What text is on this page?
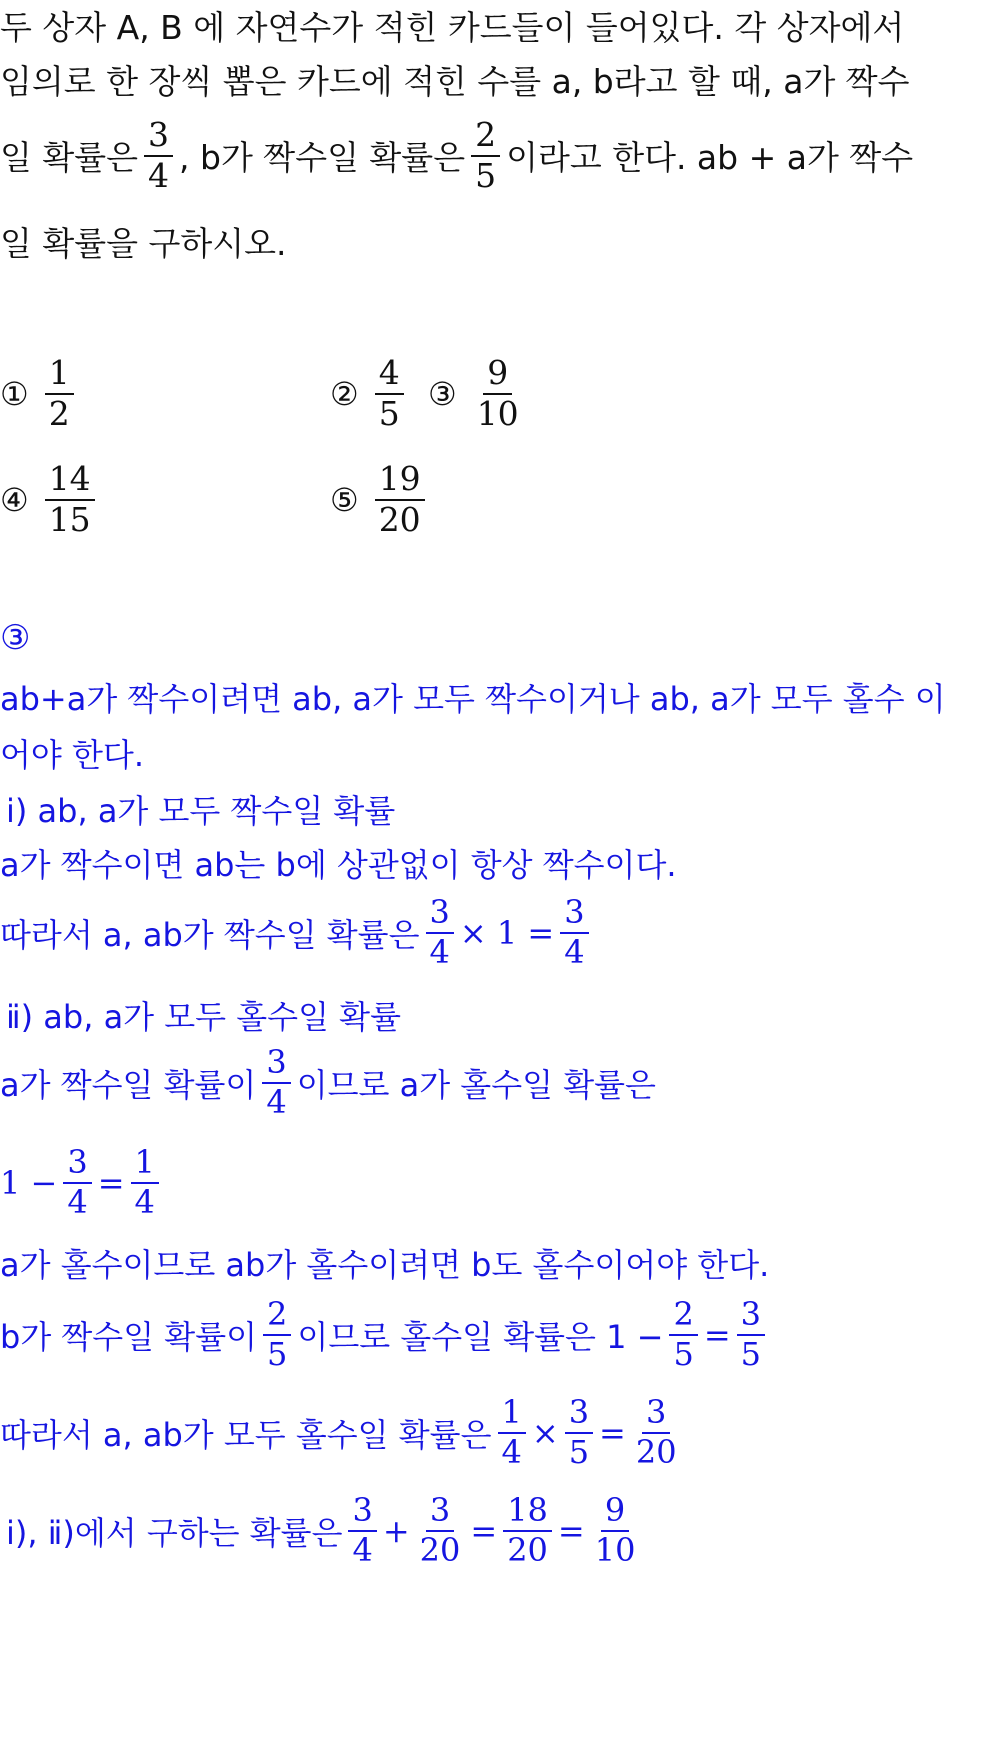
두 상자 A, B 에 자연수가 적힌 카드들이 들어있다. 각 상자에서
임의로 한 장씩 뽑은 카드에 적힌 수를 a, b라고 할 때, a가 짝수
일 확률은 $\frac{3}{4}$ , b가 짝수일 확률은 $\frac{2}{5}$ 이라고 한다. ab + a가 짝수
일 확률을 구하시오.
① $\frac{1}{2}$	② $\frac{4}{5}$ ③ $\frac{9}{10}$
④ $\frac{14}{15}$	⑤ $\frac{19}{20}$
③
ab+a가 짝수이려면 ab, a가 모두 짝수이거나 ab, a가 모두 홀수 이
어야 한다.
ⅰ) ab, a가 모두 짝수일 확률
a가 짝수이면 ab는 b에 상관없이 항상 짝수이다.
따라서 a, ab가 짝수일 확률은 $\frac{3}{4} \times 1 = \frac{3}{4}$
ⅱ) ab, a가 모두 홀수일 확률
a가 짝수일 확률이 $\frac{3}{4}$ 이므로 a가 홀수일 확률은
$1 - \frac{3}{4} = \frac{1}{4}$
a가 홀수이므로 ab가 홀수이려면 b도 홀수이어야 한다.
b가 짝수일 확률이 $\frac{2}{5}$ 이므로 홀수일 확률은 $1 - \frac{2}{5} = \frac{3}{5}$
따라서 a, ab가 모두 홀수일 확률은 $\frac{1}{4} \times \frac{3}{5} = \frac{3}{20}$
ⅰ), ⅱ)에서 구하는 확률은 $\frac{3}{4} + \frac{3}{20} = \frac{18}{20} = \frac{9}{10}$
